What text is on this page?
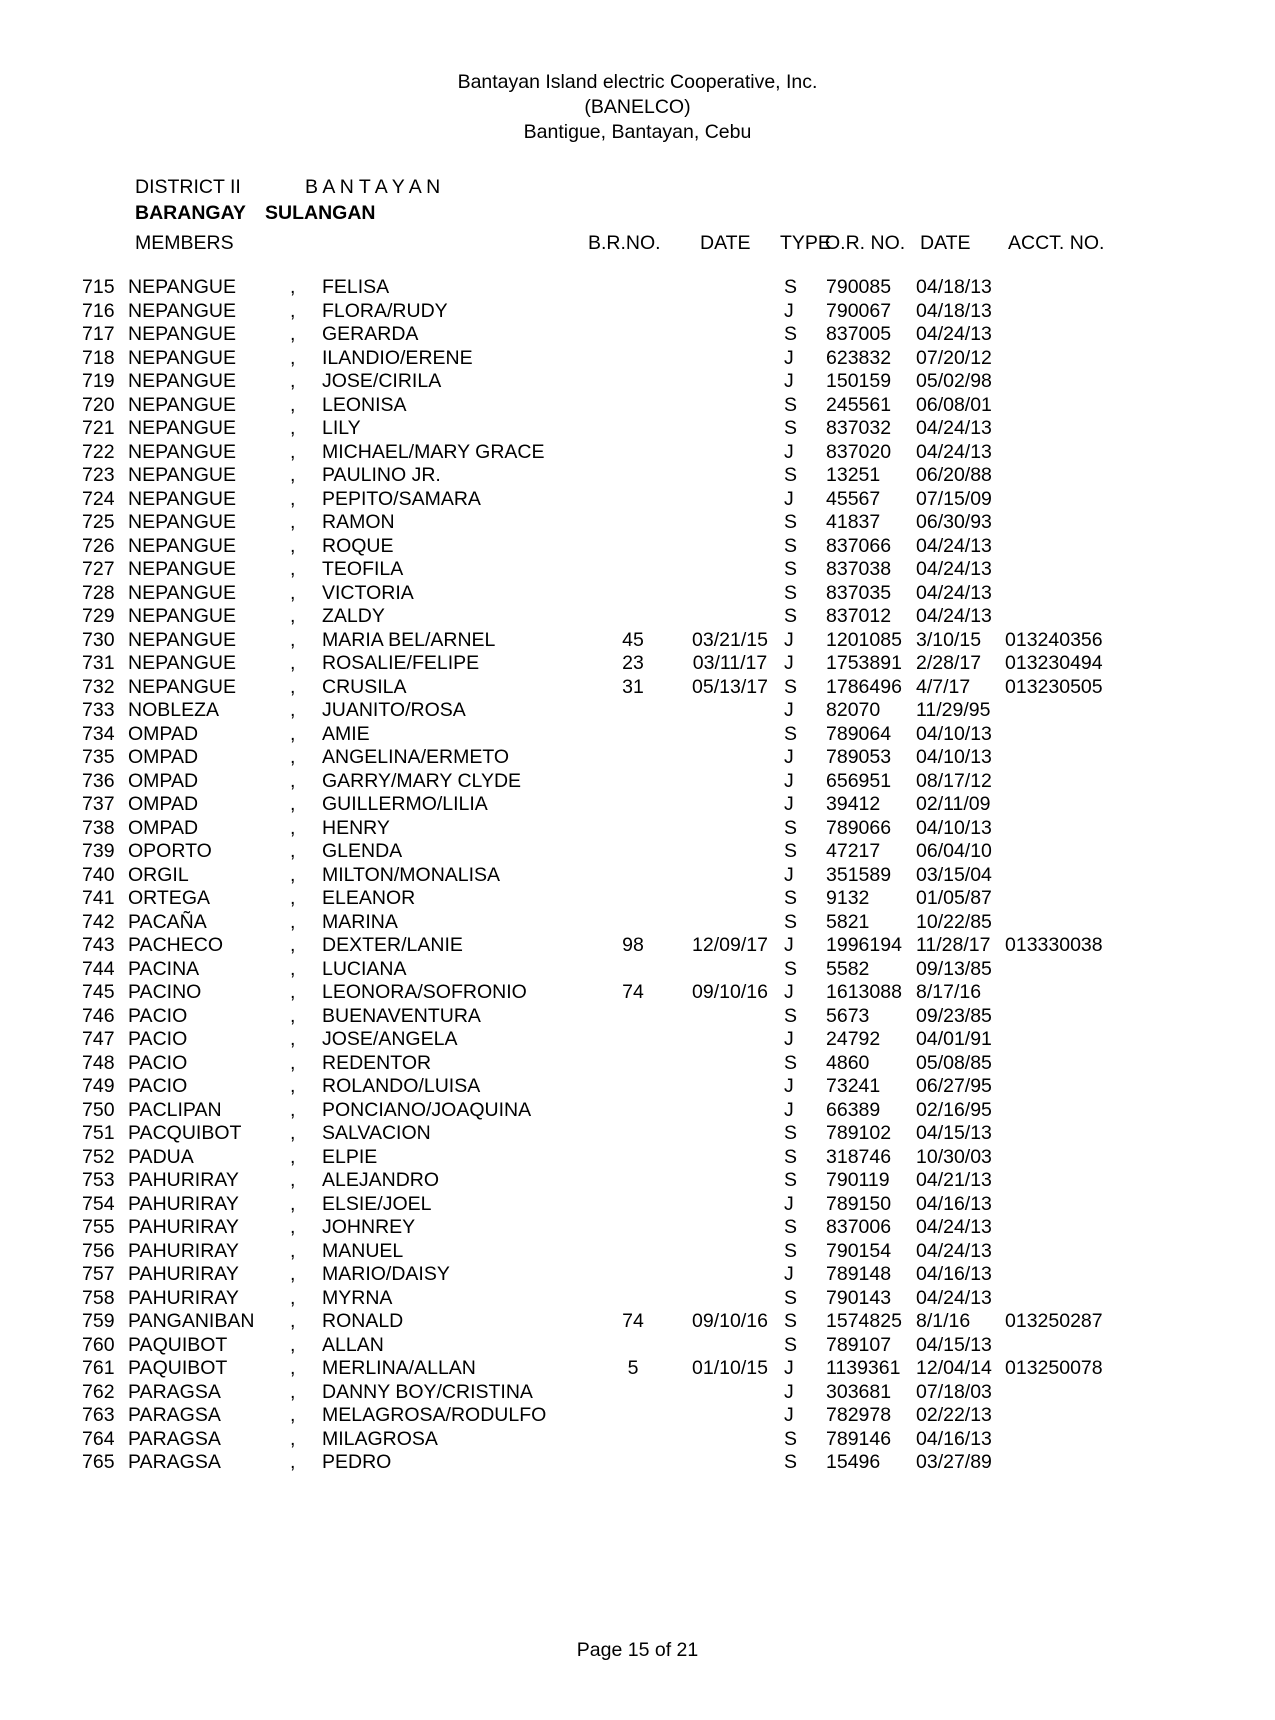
Bantayan Island electric Cooperative, Inc.
(BANELCO)
Bantigue, Bantayan, Cebu
DISTRICT II	B A N T A Y A N
BARANGAY SULANGAN
MEMBERS	B.R.NO. DATE TYPE
O.R. NO. DATE ACCT. NO.
715 NEPANGUE	, FELISA	S 790085 04/18/13
716 NEPANGUE	, FLORA/RUDY	J 790067 04/18/13
717 NEPANGUE	, GERARDA	S 837005 04/24/13
718 NEPANGUE	, ILANDIO/ERENE	J 623832 07/20/12
719 NEPANGUE	, JOSE/CIRILA	J 150159 05/02/98
720 NEPANGUE	, LEONISA	S 245561 06/08/01
721 NEPANGUE	, LILY	S 837032 04/24/13
722 NEPANGUE	, MICHAEL/MARY GRACE	J 837020 04/24/13
723 NEPANGUE	, PAULINO JR.	S 13251 06/20/88
724 NEPANGUE	, PEPITO/SAMARA	J 45567 07/15/09
725 NEPANGUE	, RAMON	S 41837 06/30/93
726 NEPANGUE	, ROQUE	S 837066 04/24/13
727 NEPANGUE	, TEOFILA	S 837038 04/24/13
728 NEPANGUE	, VICTORIA	S 837035 04/24/13
729 NEPANGUE	, ZALDY	S 837012 04/24/13
730 NEPANGUE	, MARIA BEL/ARNEL	45	03/21/15 J 1201085 3/10/15 013240356
731 NEPANGUE	, ROSALIE/FELIPE	23	03/11/17 J 1753891 2/28/17 013230494
732 NEPANGUE	, CRUSILA	31	05/13/17 S 1786496 4/7/17 013230505
733 NOBLEZA	, JUANITO/ROSA	J 82070 11/29/95
734 OMPAD	, AMIE	S 789064 04/10/13
735 OMPAD	, ANGELINA/ERMETO	J 789053 04/10/13
736 OMPAD	, GARRY/MARY CLYDE	J 656951 08/17/12
737 OMPAD	, GUILLERMO/LILIA	J 39412 02/11/09
738 OMPAD	, HENRY	S 789066 04/10/13
739 OPORTO	, GLENDA	S 47217 06/04/10
740 ORGIL	, MILTON/MONALISA	J 351589 03/15/04
741 ORTEGA	, ELEANOR	S 9132 01/05/87
742 PACAÑA	, MARINA	S 5821 10/22/85
743 PACHECO	, DEXTER/LANIE	98	12/09/17 J 1996194 11/28/17 013330038
744 PACINA	, LUCIANA	S 5582 09/13/85
745 PACINO	, LEONORA/SOFRONIO	74	09/10/16 J 1613088 8/17/16
746 PACIO	, BUENAVENTURA	S 5673 09/23/85
747 PACIO	, JOSE/ANGELA	J 24792 04/01/91
748 PACIO	, REDENTOR	S 4860 05/08/85
749 PACIO	, ROLANDO/LUISA	J 73241 06/27/95
750 PACLIPAN	, PONCIANO/JOAQUINA	J 66389 02/16/95
751 PACQUIBOT , SALVACION	S 789102 04/15/13
752 PADUA	, ELPIE	S 318746 10/30/03
753 PAHURIRAY	, ALEJANDRO	S 790119 04/21/13
754 PAHURIRAY	, ELSIE/JOEL	J 789150 04/16/13
755 PAHURIRAY	, JOHNREY	S 837006 04/24/13
756 PAHURIRAY	, MANUEL	S 790154 04/24/13
757 PAHURIRAY	, MARIO/DAISY	J 789148 04/16/13
758 PAHURIRAY	, MYRNA	S 790143 04/24/13
759 PANGANIBAN , RONALD	74	09/10/16 S 1574825 8/1/16 013250287
760 PAQUIBOT	, ALLAN	S 789107 04/15/13
761 PAQUIBOT	, MERLINA/ALLAN	5	01/10/15 J 1139361 12/04/14 013250078
762 PARAGSA	, DANNY BOY/CRISTINA	J 303681 07/18/03
763 PARAGSA	, MELAGROSA/RODULFO	J 782978 02/22/13
764 PARAGSA	, MILAGROSA	S 789146 04/16/13
765 PARAGSA	, PEDRO	S 15496 03/27/89
Page 15 of 21
